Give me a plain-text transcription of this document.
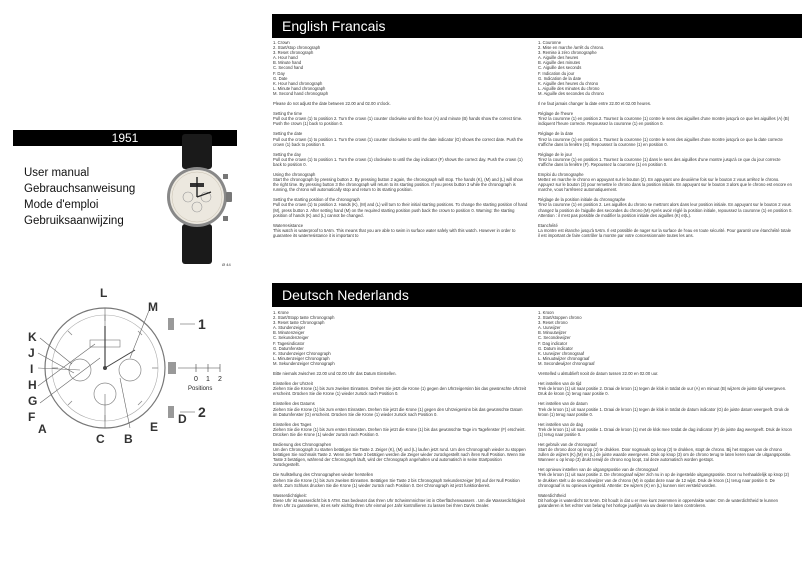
1951
User manual
Gebrauchsanweisung
Mode d'emploi
Gebruiksaanwijzing
Ø 44
L
M
1
2
K
J
I
H
G
F
A
C B
E
D
0 1 2
Positions
English Francais
1. Crown
2. Start/stop chronograph
3. Reset chronograph
A. Hour hand
B. Minute hand
C. Second hand
F. Day
G. Date
K. Hour hand chronograph
L. Minute hand chronograph
M. Second hand chronograph

Please do not adjust the date between 22.00 and 02.00 o'clock.

Setting the time
Pull out the crown (1) to position 2. Turn the crown (1) counter clockwise until the hour (A) and minute (B) hands show the correct time. Push the crown (1) back to position 0.

Setting the date
Pull out the crown (1) to position 1. Turn the crown (1) counter clockwise to until the date indicator (G) shows the correct date. Push the crown (1) back to position 0.

Setting the day
Pull out the crown (1) to position 1. Turn the crown (1) clockwise to until the day indicator (F) shows the correct day. Push the crown (1) back to position 0.

Using the chronograph
Start the chronograph by pressing button 2. By pressing button 2 again, the chronograph will stop. The hands (K), (M) and (L) will show the right time. By pressing button 3 the chronograph will return to its starting position. If you press button 3 while the chronograph is running, the chrono will automatically stop and return to its starting position.

Setting the starting position of the chronograph
Pull out the crown (1) to position 2. Hands (K), (M) and (L) will turn to their initial starting positions. To change the starting position of hand (M), press button 2. After setting hand (M) on the required starting position push back the crown to position 0. Warning: the starting position of hands (K) and (L) cannot be changed.

Waterresistance
This watch is waterproof to 5Atm. This means that you are able to swim in surface water safely with this watch. However in order to guarantee its waterresistance it is important to

1. Couronne
2. Mise en marche /arrêt du chrono.
3. Remise à zéro chronographe
A. Aiguille des heures
B. Aiguille des minutes
C. Aiguille des seconds
F. Indication du jour
G. Indication de la date
K. Aiguille des heures du chrono
L. Aiguille des minutes du chrono
M. Aiguille des secondes du chrono

Il ne faut jamais changer la date entre 22.00 et 02.00 heures.

Réglage de l'heure
Tirez la couronne (1) en position 2. Tournez la couronne (1) contre le sens des aiguilles d'une montre jusqu'à ce que les aiguilles (A) (B) indiquent l'heure correcte. Repoussez la couronne (1) en position 0.

Réglage de la date
Tirez la couronne (1) en position 1. Tournez la couronne (1) contre le sens des aiguilles d'une montre jusqu'à ce que la date correcte s'affiche dans la fenêtre (G). Repoussez la couronne (1) en position 0.

Réglage de le jour
Tirez la couronne (1) en position 1. Tournez la couronne (1) dans le sens des aiguilles d'une montre jusqu'à ce que du jour correcte s'affiche dans la fenêtre (F). Repoussez la couronne (1) en position 0.

Emploi du chronographe
Mettez en marche le chrono en appuyant sur le bouton (2). En appuyant une deuxième fois sur le bouton 2 vous arrêtez le chrono. Appuyez sur le bouton (3) pour remettre le chrono dans la position initiale. En appuyant sur le bouton 3 alors que le chrono est encore en marche, vous l'arrêterez automatiquement.

Réglage de la position initiale du chronographe
Tirez la couronne (1) en position 2. Les aiguilles du chrono se mettront alors dans leur position initiale. En appuyant sur le bouton 2 vous changez la position de l'aiguille des secondes du chrono (M) Après avoir réglé la position initiale, repoussez la couronne (1) en position 0. Attention : il n'est pas possible de modifier la position initiale des aiguilles (K) et(L).

Etanchéité
La montre est étanche jusqu'à 5Atm. Il est possible de nager sur la surface de l'eau en toute sécurité. Pour garantir une étanchéité totale il est important de faire contrôler la montre par votre concessionnaire toutes les ans.

Deutsch Nederlands
1. Krone
2. Start/Stopp taste Chronograph
3. Reset taste Chronograph
A. Stundenzeiger
B. Minutenzeiger
C. Sekundenzeiger
F. Tagesindicator
G. Datumfenster
K. Stundenzeiger Chronograph
L. Minutenzeiger Chronograph
M. Sekundenzeiger Chronograph

Bitte niemals zwischen 22.00 und 02.00 Uhr das Datum Einstellen.

Einstellen der Uhrzeit
Ziehen Sie die Krone (1) bis zum zweiten Einrasten. Drehen Sie jetzt die Krone (1) gegen den Uhrzeigersinn bis das gewünschte Uhrzeit erscheint. Drücken Sie die Krone (1) wieder zurück nach Position 0.

Einstellen des Datums
Ziehen Sie die Krone (1) bis zum ersten Einrasten. Drehen Sie jetzt die Krone (1) gegen den Uhrzeigersinn bis das gewünschte Datum im Datumfenster (G) erscheint. Drücken Sie die Krone (1) wieder zurück nach Position 0.

Einstellen des Tages
Ziehen Sie die Krone (1) bis zum ersten Einrasten. Drehen Sie jetzt die Krone (1) bis das gewünschte Tage im Tagefenster (F) erscheint. Drücken Sie die Krone (1) wieder zurück nach Position 0.

Bedienung des Chronographen
Um den Chronograph zu starten betätigen Sie Taste 2. Zeiger (K), (M) und (L) laufen jetzt rund. Um den Chronograph wieder zu stoppen betätigen Sie nochmals Taste 2. Wenn Sie Taste 3 betätigen werden die Zeiger wieder zurückgestellt nach ihren Null Position. Wenn Sie Taste 3 betätigen, während der Chronograph läuft, wird der Chronograph angehalten und automatisch in seine Startposition zurückgestellt.

Die Nullstellung des Chronographen wieder herstellen
Ziehen Sie die Krone (1) bis zum zweiten Einrasten. Betätigen Sie Taste 2 bis Chronograph Sekundenzeiger (M) auf der Null Position steht. Zum Schluss drucken Sie die Krone (1) wieder zurück nach Position 0. Der Chronograph ist jetzt funktionbereit.

Wasserdichtigkeit:
Diese Uhr ist wasserdicht bis 5 ATM. Das bedeutet das Ihren Uhr Schwimmnichter ist in Oberflächenwassers . Um die Wasserdichtigkeit Ihren Uhr zu garantieren, ist es sehr wichtig Ihren Uhr einmal per Jahr kontrollieren zu lassen bei Ihren DaVis Dealer.

1. Kroon
2. Start/stoppen chrono
3. Reset chrono
A. Uurwijzer
B. Minuutwijzer
C. Secondewijzer
F. Dag indicator
G. Datum indicator
K. Uurwijzer chronograaf
L. Minuutwijzer chronograaf
M. Secondewijzer chronograaf

Verstelled u alstublieft nooit de datum tussen 22.00 en 02.00 uur.

Het instellen van de tijd
Trek de kroon (1) uit naar positie 2. Draai de kroon (1) tegen de klok in totdat de uur (A) en minuut (B) wijzers de juiste tijd weergeven. Druk de kroon (1) terug naar positie 0.

Het instellen van de datum
Trek de kroon (1) uit naar positie 1. Draai de kroon (1) tegen de klok in totdat de datum indicator (G) de juiste datum weergeeft. Druk de kroon (1) terug naar positie 0.

Het instellen van de dag
Trek de kroon (1) uit naar positie 1. Draai de kroon (1) met de klok mee totdat de dag indicator (F) de juiste dag weergeeft. Druk de kroon (1) terug naar positie 0.

Het gebruik van de chronograaf
Start de chrono door op knop (2) te drukken. Door nogmaals op knop (2) te drukken, stopt de chrono. Bij het stoppen van de chrono zullen de wijzers (K),(M) en (L) de juiste waarde weergeven. Druk op knop (3) om de chrono terug te laten keren naar de uitgangspositie. Wanneer u op knop (3) drukt terwijl de chrono nog loopt, zal deze automatisch worden gestopt.

Het opnieuw instellen van de uitgangspositie van de chronograaf
Trek de kroon (1) uit naar positie 2. De chronograaf wijzer zich nu in op de ingestelde uitgangspositie. Door nu herhaaldelijk op knop (2) te drukken stelt u de secondewijzer van de chrono (M) in opdat deze naar de 12 wijst. Druk de kroon (1) terug naar positie 0. De chronograaf is nu opnieuw ingesteld. Attentie: De wijzers (K) en (L) kunnen niet versteld worden.

Waterdichtheid
Dit horloge is waterdicht tot 5Atm. Dit houdt in dat u er mee kunt zwemmen in oppervlakte water. Om de waterdichtheid te kunnen garanderen is het echter van belang het horloge jaarlijks via uw dealer te laten controleren.
